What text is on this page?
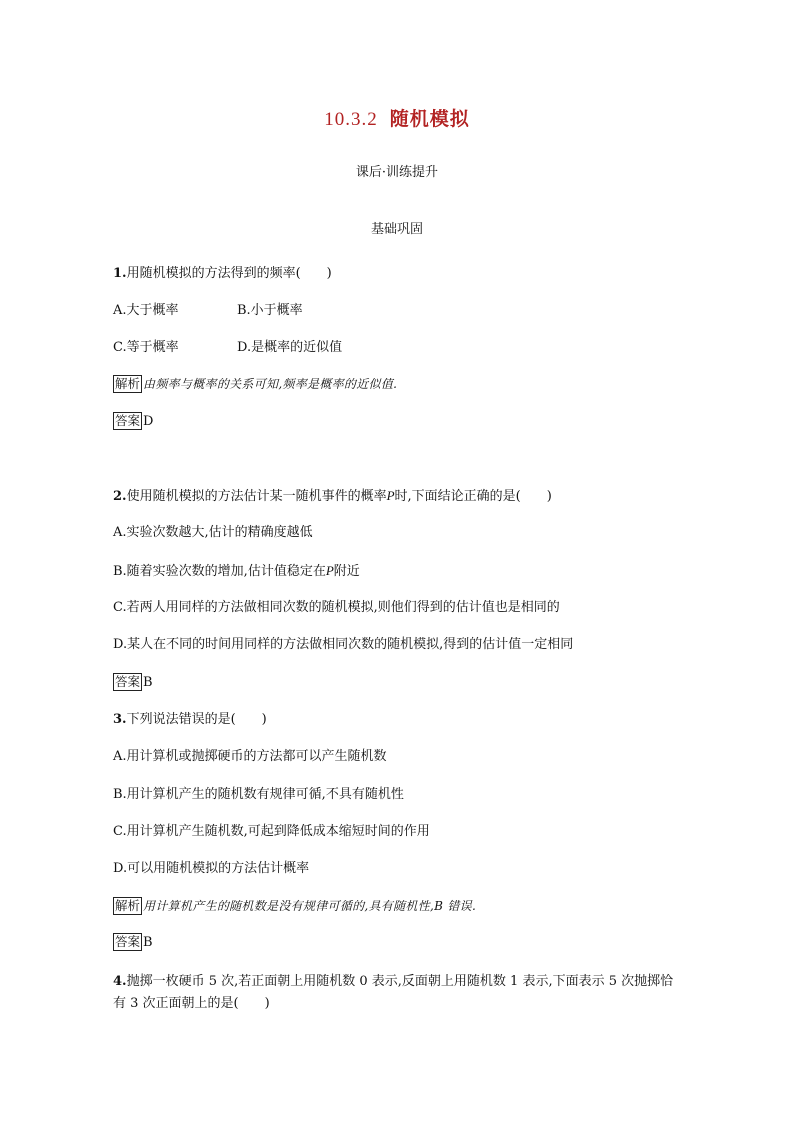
10.3.2 随机模拟
课后·训练提升
基础巩固
1.用随机模拟的方法得到的频率(　　)
A.大于概率	B.小于概率
C.等于概率	D.是概率的近似值
解析 由频率与概率的关系可知,频率是概率的近似值.
答案 D
2.使用随机模拟的方法估计某一随机事件的概率P时,下面结论正确的是(　　)
A.实验次数越大,估计的精确度越低
B.随着实验次数的增加,估计值稳定在P附近
C.若两人用同样的方法做相同次数的随机模拟,则他们得到的估计值也是相同的
D.某人在不同的时间用同样的方法做相同次数的随机模拟,得到的估计值一定相同
答案 B
3.下列说法错误的是(　　)
A.用计算机或抛掷硬币的方法都可以产生随机数
B.用计算机产生的随机数有规律可循,不具有随机性
C.用计算机产生随机数,可起到降低成本缩短时间的作用
D.可以用随机模拟的方法估计概率
解析 用计算机产生的随机数是没有规律可循的,具有随机性,B 错误.
答案 B
4.抛掷一枚硬币 5 次,若正面朝上用随机数 0 表示,反面朝上用随机数 1 表示,下面表示 5 次抛掷恰有 3 次正面朝上的是(　　)
